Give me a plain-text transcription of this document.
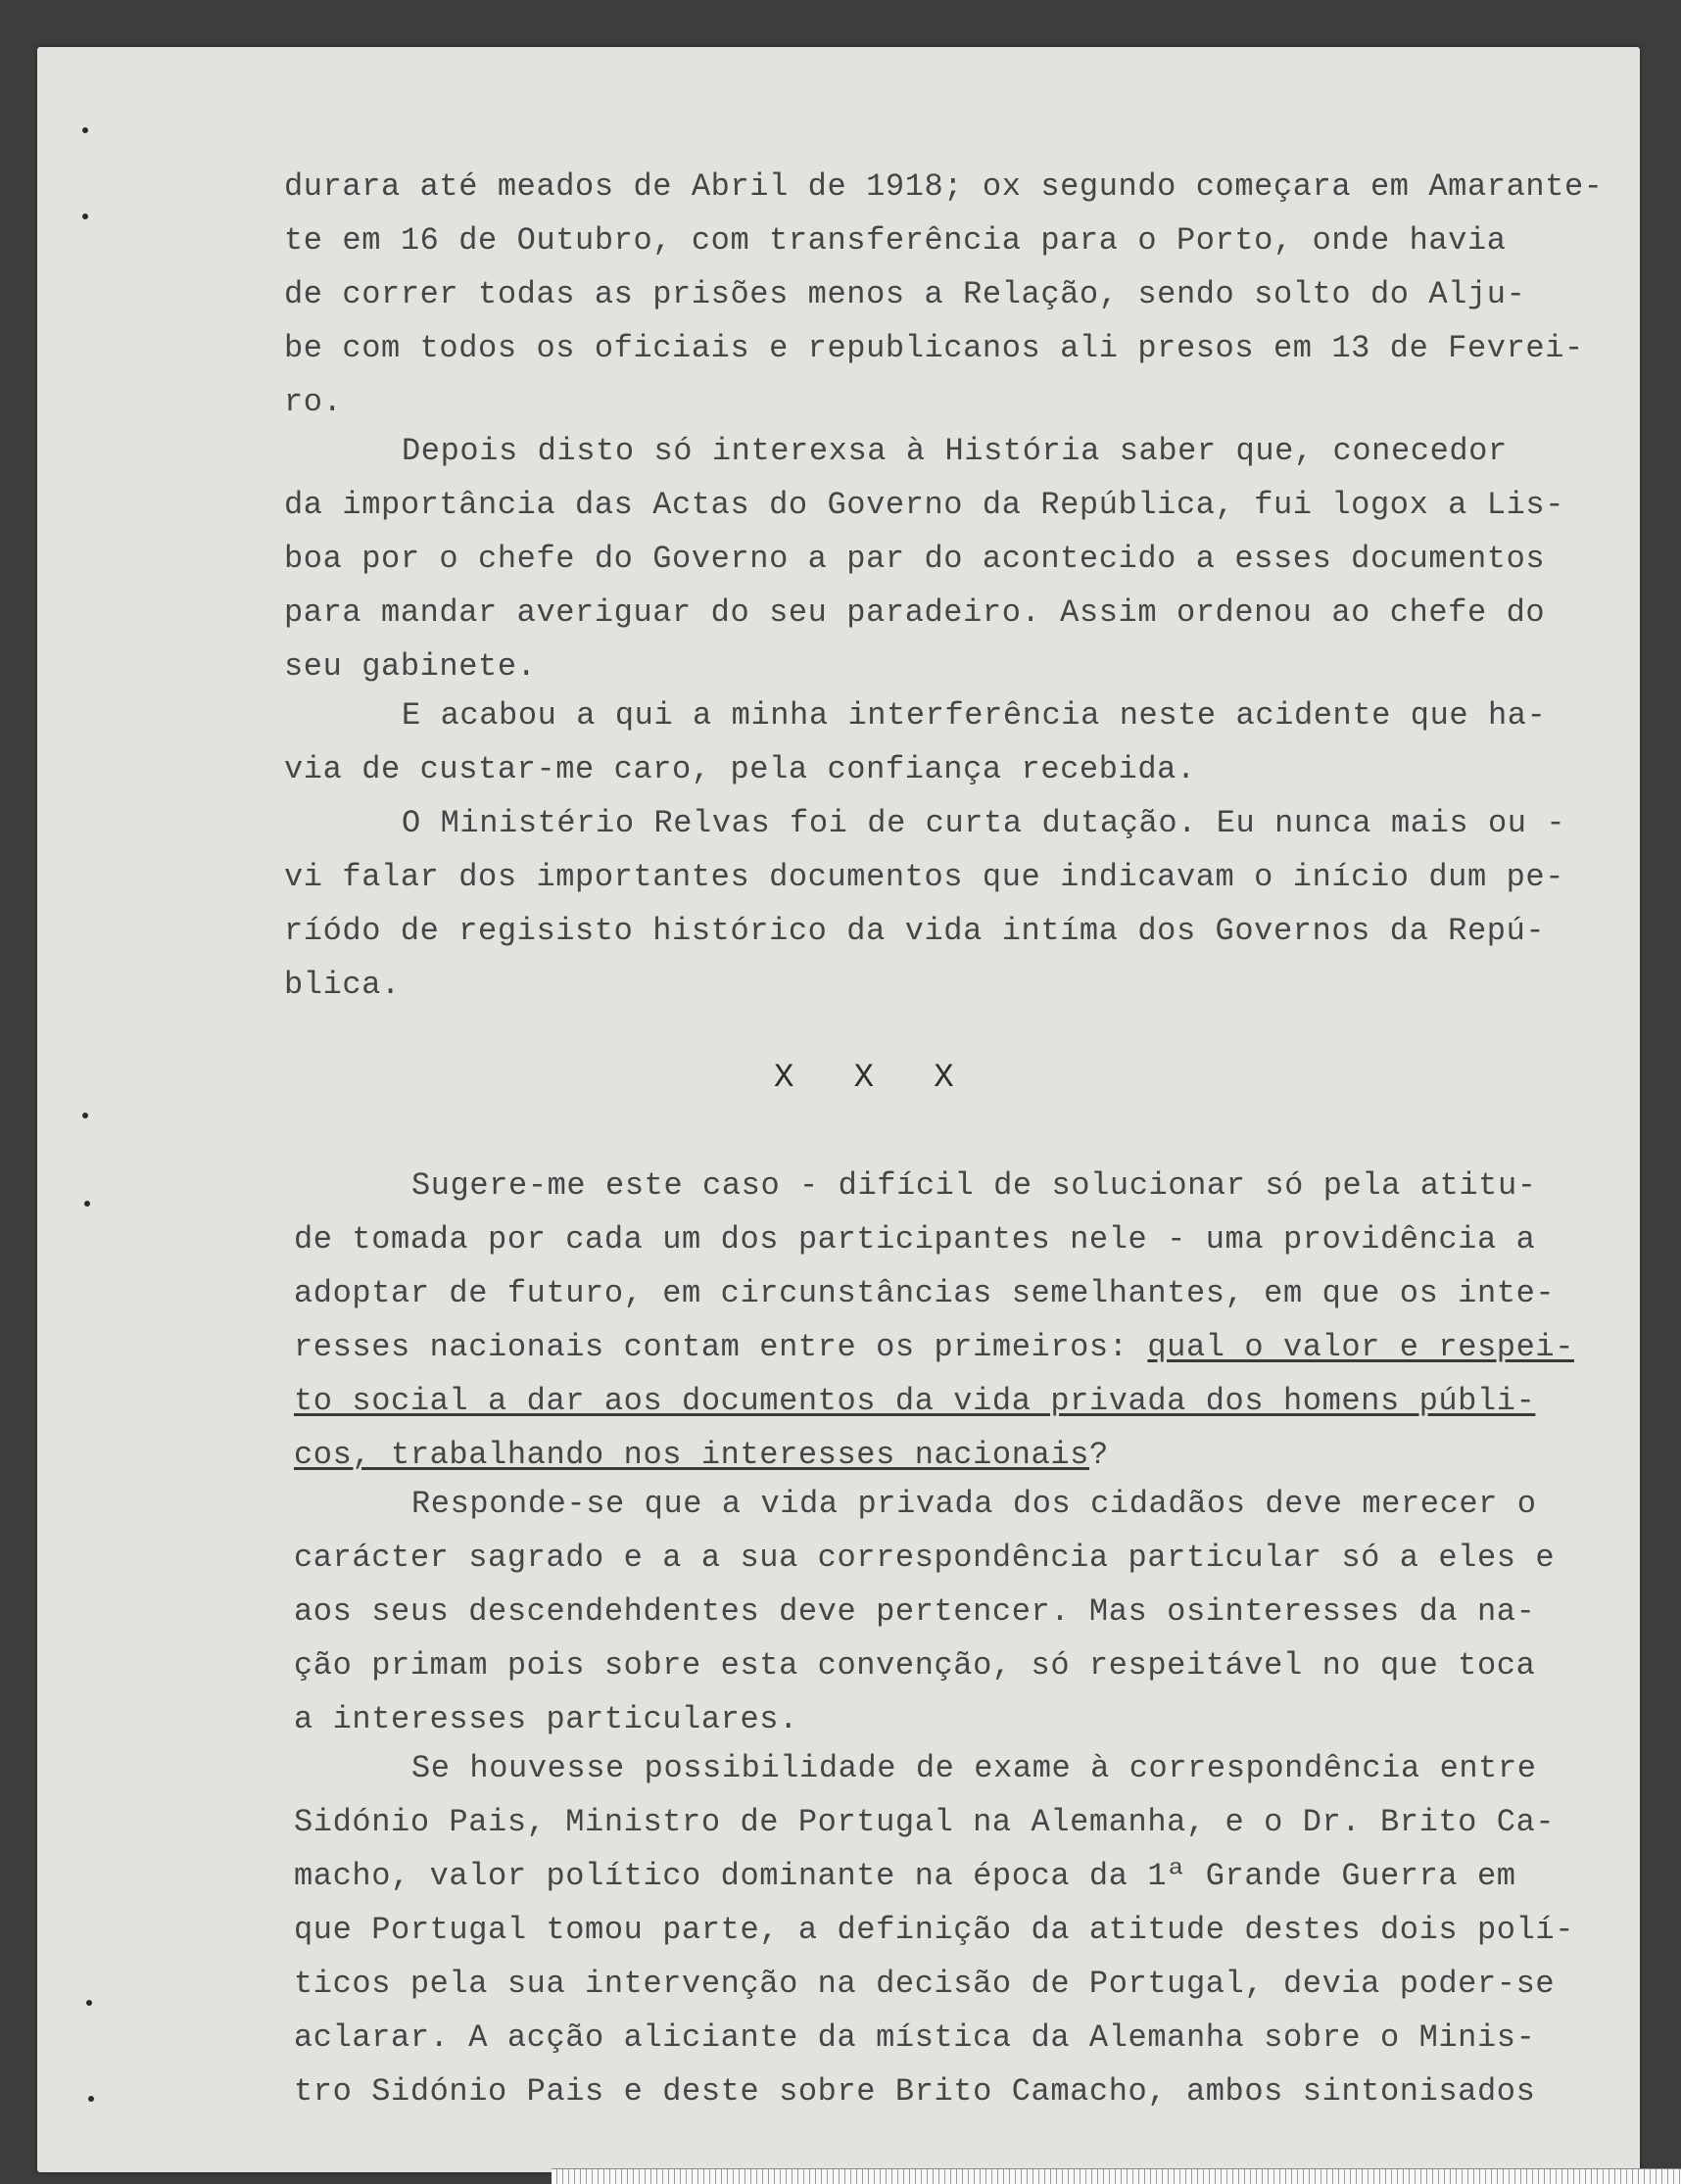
durara até meados de Abril de 1918; ox segundo começara em Amarante-
te em 16 de Outubro, com transferência para o Porto, onde havia
de correr todas as prisões menos a Relação, sendo solto do Alju-
be com todos os oficiais e republicanos ali presos em 13 de Fevrei-
ro.
Depois disto só interexsa à História saber que, conecedor
da importância das Actas do Governo da República, fui logox a Lis-
boa por o chefe do Governo a par do acontecido a esses documentos
para mandar averiguar do seu paradeiro. Assim ordenou ao chefe do
seu gabinete.
E acabou a qui a minha interferência neste acidente que ha-
via de custar-me caro, pela confiança recebida.
O Ministério Relvas foi de curta dutação. Eu nunca mais ou -
vi falar dos importantes documentos que indicavam o início dum pe-
ríódo de regisisto histórico da vida intíma dos Governos da Repú-
blica.
X   X   X
Sugere-me este caso - difícil de solucionar só pela atitu-
de tomada por cada um dos participantes nele - uma providência a
adoptar de futuro, em circunstâncias semelhantes, em que os inte-
resses nacionais contam entre os primeiros: qual o valor e respei-
to social a dar aos documentos da vida privada dos homens públi-
cos, trabalhando nos interesses nacionais?
Responde-se que a vida privada dos cidadãos deve merecer o
carácter sagrado e a a sua correspondência particular só a eles e
aos seus descendehdentes deve pertencer. Mas osinteresses da na-
ção primam pois sobre esta convenção, só respeitável no que toca
a interesses particulares.
Se houvesse possibilidade de exame à correspondência entre
Sidónio Pais, Ministro de Portugal na Alemanha, e o Dr. Brito Ca-
macho, valor político dominante na época da 1ª Grande Guerra em
que Portugal tomou parte, a definição da atitude destes dois polí-
ticos pela sua intervenção na decisão de Portugal, devia poder-se
aclarar. A acção aliciante da mística da Alemanha sobre o Minis-
tro Sidónio Pais e deste sobre Brito Camacho, ambos sintonisados
